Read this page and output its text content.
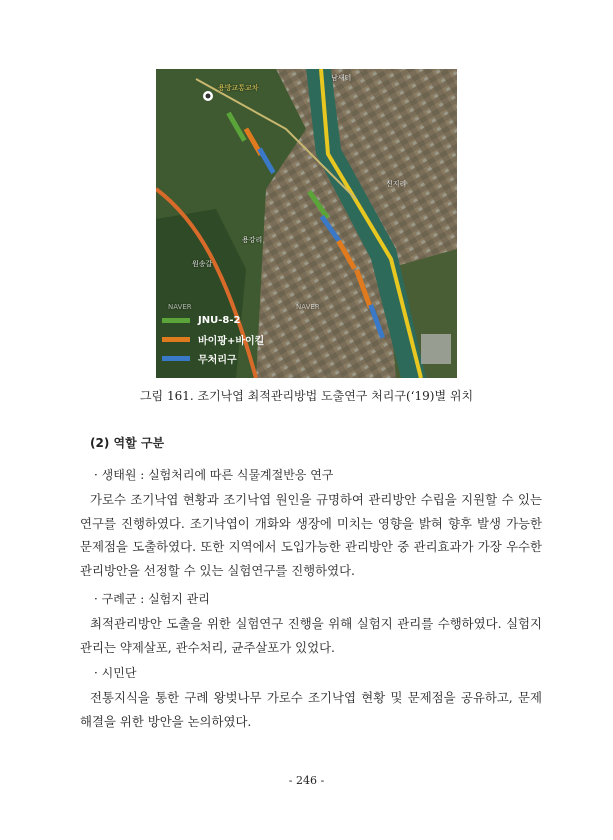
용방교통교차
남새터
용강리
신지리
원송갈
NAVER	NAVER
JNU-8-2
바이팡+바이킬
무처리구
그림 161. 조기낙엽 최적관리방법 도출연구 처리구(‘19)별 위치
(2) 역할 구분
· 생태원 : 실험처리에 따른 식물계절반응 연구
가로수 조기낙엽 현황과 조기낙엽 원인을 규명하여 관리방안 수립을 지원할 수 있는 연구를 진행하였다. 조기낙엽이 개화와 생장에 미치는 영향을 밝혀 향후 발생 가능한 문제점을 도출하였다. 또한 지역에서 도입가능한 관리방안 중 관리효과가 가장 우수한 관리방안을 선정할 수 있는 실험연구를 진행하였다.
· 구례군 : 실험지 관리
최적관리방안 도출을 위한 실험연구 진행을 위해 실험지 관리를 수행하였다. 실험지 관리는 약제살포, 관수처리, 균주살포가 있었다.
· 시민단
전통지식을 통한 구례 왕벚나무 가로수 조기낙엽 현황 및 문제점을 공유하고, 문제 해결을 위한 방안을 논의하였다.
- 246 -
